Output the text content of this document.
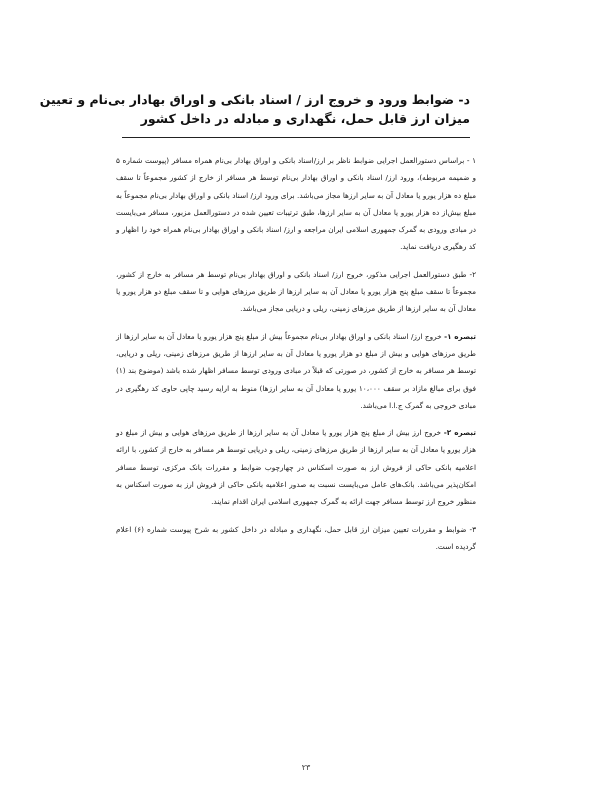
د- ضوابط ورود و خروج ارز / اسناد بانکی و اوراق بهادار بی‌نام و تعیین
میزان ارز قابل حمل، نگهداری و مبادله در داخل کشور

۱ - براساس دستورالعمل اجرایی ضوابط ناظر بر ارز/اسناد بانکی و اوراق بهادار بی‌نام همراه مسافر (پیوست شماره ۵ و ضمیمه مربوطه)، ورود ارز/ اسناد بانکی و اوراق بهادار بی‌نام توسط هر مسافر از خارج از کشور مجموعاً تا سقف مبلغ ده هزار یورو یا معادل آن به سایر ارزها مجاز می‌باشد. برای ورود ارز/ اسناد بانکی و اوراق بهادار بی‌نام مجموعاً به مبلغ بیش‌از ده هزار یورو یا معادل آن به سایر ارزها، طبق ترتیبات تعیین شده در دستورالعمل مزبور، مسافر می‌بایست در مبادی ورودی به گمرک جمهوری اسلامی ایران مراجعه و ارز/ اسناد بانکی و اوراق بهادار بی‌نام همراه خود را اظهار و کد رهگیری دریافت نماید.

۲- طبق دستورالعمل اجرایی مذکور، خروج ارز/ اسناد بانکی و اوراق بهادار بی‌نام توسط هر مسافر به خارج از کشور، مجموعاً تا سقف مبلغ پنج هزار یورو یا معادل آن به سایر ارزها از طریق مرزهای هوایی و تا سقف مبلغ دو هزار یورو یا معادل آن به سایر ارزها از طریق مرزهای زمینی، ریلی و دریایی مجاز می‌باشد.

تبصره ۱- خروج ارز/ اسناد بانکی و اوراق بهادار بی‌نام مجموعاً بیش از مبلغ پنج هزار یورو یا معادل آن به سایر ارزها از طریق مرزهای هوایی و بیش از مبلغ دو هزار یورو یا معادل آن به سایر ارزها از طریق مرزهای زمینی، ریلی و دریایی، توسط هر مسافر به خارج از کشور، در صورتی که قبلاً در مبادی ورودی توسط مسافر اظهار شده باشد (موضوع بند (۱) فوق برای مبالغ مازاد بر سقف ۱۰،۰۰۰ یورو یا معادل آن به سایر ارزها) منوط به ارایه رسید چاپی حاوی کد رهگیری در مبادی خروجی به گمرک ج.ا.ا می‌باشد.

تبصره ۲- خروج ارز بیش از مبلغ پنج هزار یورو یا معادل آن به سایر ارزها از طریق مرزهای هوایی و بیش از مبلغ دو هزار یورو یا معادل آن به سایر ارزها از طریق مرزهای زمینی، ریلی و دریایی توسط هر مسافر به خارج از کشور، با ارائه اعلامیه بانکی حاکی از فروش ارز به صورت اسکناس در چهارچوب ضوابط و مقررات بانک مرکزی، توسط مسافر امکان‌پذیر می‌باشد. بانک‌های عامل می‌بایست نسبت به صدور اعلامیه بانکی حاکی از فروش ارز به صورت اسکناس به منظور خروج ارز توسط مسافر جهت ارائه به گمرک جمهوری اسلامی ایران اقدام نمایند.

۳- ضوابط و مقررات تعیین میزان ارز قابل حمل، نگهداری و مبادله در داخل کشور به شرح پیوست شماره (۶) اعلام گردیده است.

۲۳
